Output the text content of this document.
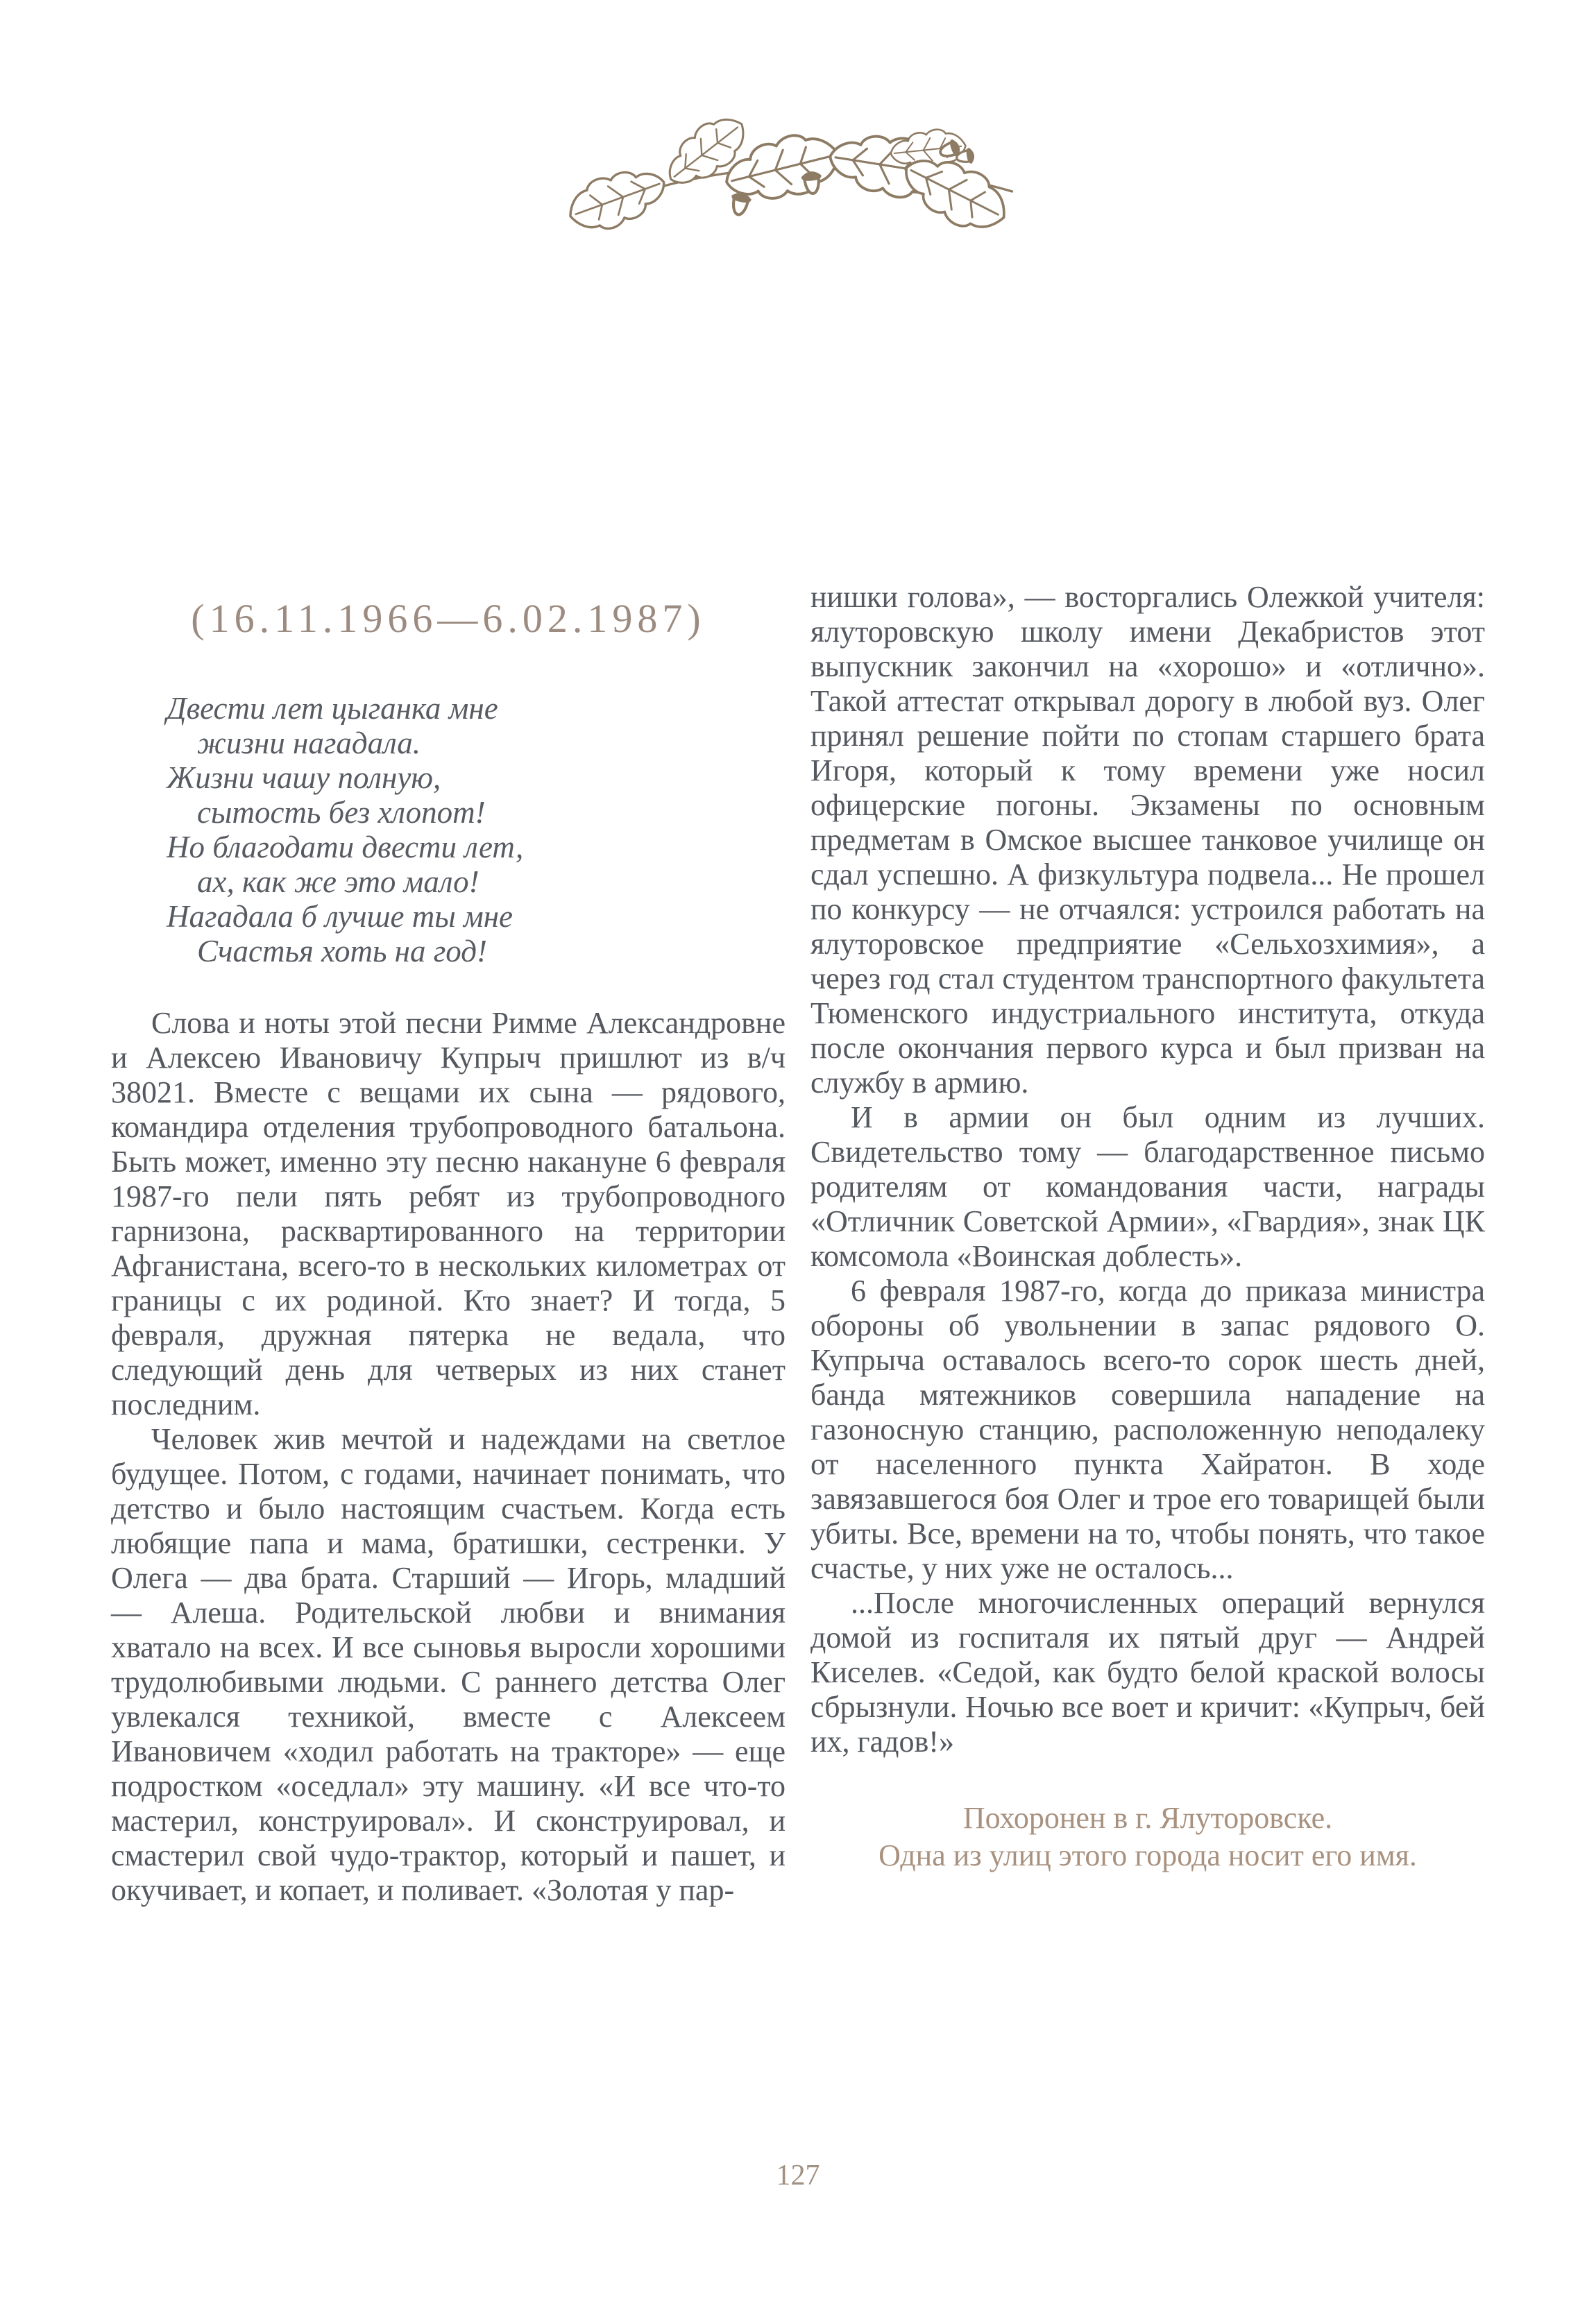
(16.11.1966—6.02.1987)
Двести лет цыганка мне
жизни нагадала.
Жизни чашу полную,
сытость без хлопот!
Но благодати двести лет,
ах, как же это мало!
Нагадала б лучше ты мне
Счастья хоть на год!

Слова и ноты этой песни Римме Александровне и Алексею Ивановичу Купрыч пришлют из в/ч 38021. Вместе с вещами их сына — рядового, командира отделения трубопроводного батальона. Быть может, именно эту песню накануне 6 февраля 1987-го пели пять ребят из трубопроводного гарнизона, расквартированного на территории Афганистана, всего-то в нескольких километрах от границы с их родиной. Кто знает? И тогда, 5 февраля, дружная пятерка не ведала, что следующий день для четверых из них станет последним.

Человек жив мечтой и надеждами на светлое будущее. Потом, с годами, начинает понимать, что детство и было настоящим счастьем. Когда есть любящие папа и мама, братишки, сестренки. У Олега — два брата. Старший — Игорь, младший — Алеша. Родительской любви и внимания хватало на всех. И все сыновья выросли хорошими трудолюбивыми людьми. С раннего детства Олег увлекался техникой, вместе с Алексеем Ивановичем «ходил работать на тракторе» — еще подростком «оседлал» эту машину. «И все что-то мастерил, конструировал». И сконструировал, и смастерил свой чудо-трактор, который и пашет, и окучивает, и копает, и поливает. «Золотая у пар-

нишки голова», — восторгались Олежкой учителя: ялуторовскую школу имени Декабристов этот выпускник закончил на «хорошо» и «отлично». Такой аттестат открывал дорогу в любой вуз. Олег принял решение пойти по стопам старшего брата Игоря, который к тому времени уже носил офицерские погоны. Экзамены по основным предметам в Омское высшее танковое училище он сдал успешно. А физкультура подвела... Не прошел по конкурсу — не отчаялся: устроился работать на ялуторовское предприятие «Сельхозхимия», а через год стал студентом транспортного факультета Тюменского индустриального института, откуда после окончания первого курса и был призван на службу в армию.

И в армии он был одним из лучших. Свидетельство тому — благодарственное письмо родителям от командования части, награды «Отличник Советской Армии», «Гвардия», знак ЦК комсомола «Воинская доблесть».

6 февраля 1987-го, когда до приказа министра обороны об увольнении в запас рядового О. Купрыча оставалось всего-то сорок шесть дней, банда мятежников совершила нападение на газоносную станцию, расположенную неподалеку от населенного пункта Хайратон. В ходе завязавшегося боя Олег и трое его товарищей были убиты. Все, времени на то, чтобы понять, что такое счастье, у них уже не осталось...

...После многочисленных операций вернулся домой из госпиталя их пятый друг — Андрей Киселев. «Седой, как будто белой краской волосы сбрызнули. Ночью все воет и кричит: «Купрыч, бей их, гадов!»

Похоронен в г. Ялуторовске.
Одна из улиц этого города носит его имя.
127
